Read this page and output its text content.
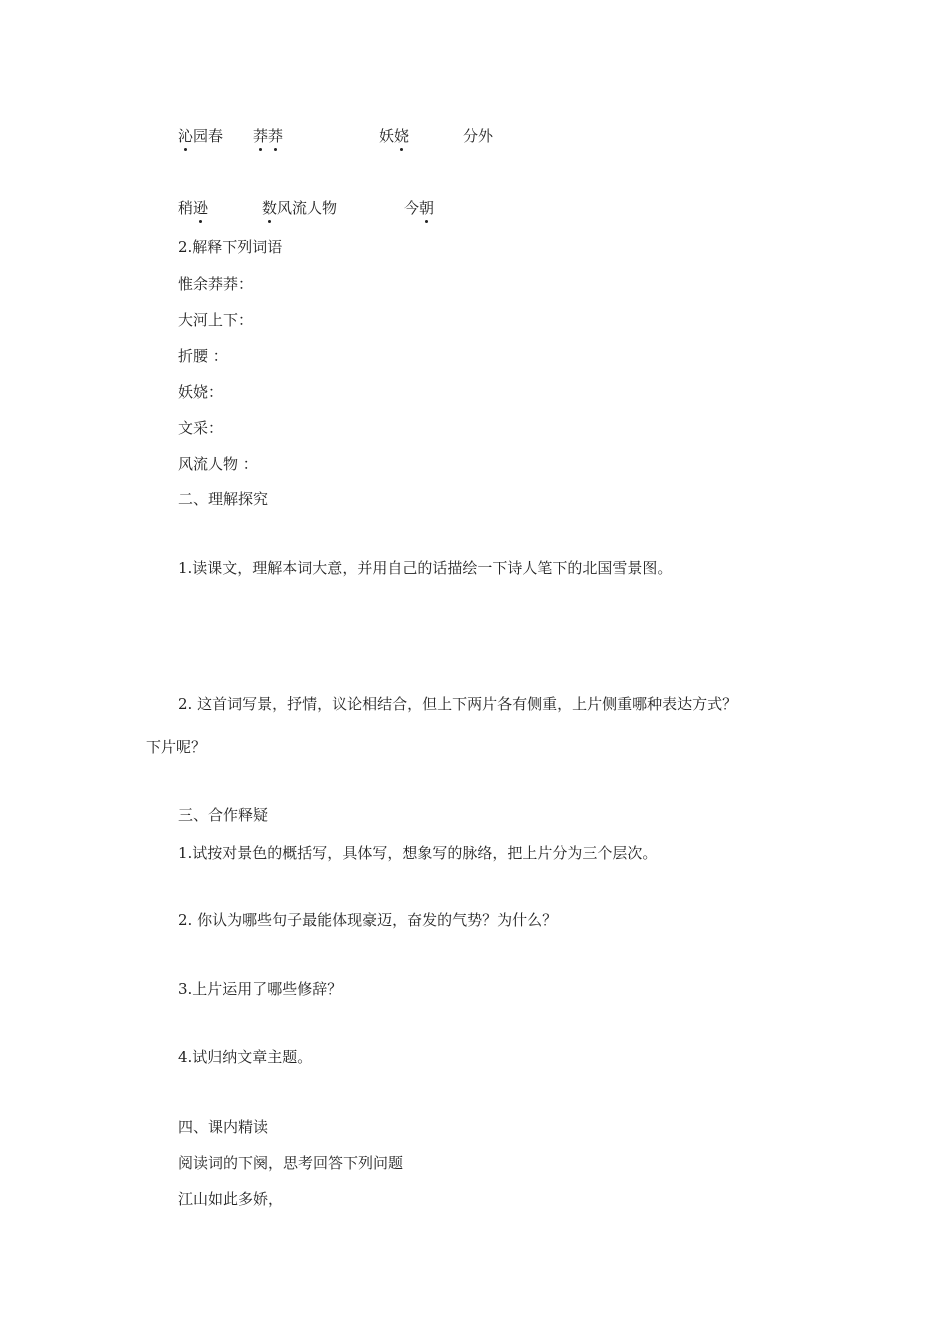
沁园春 莽莽	妖娆	分外
稍逊	数风流人物	今朝
2.解释下列词语
惟余莽莽：
大河上下：
折腰 ：
妖娆：
文采：
风流人物 ：
二、理解探究
1.读课文，理解本词大意，并用自己的话描绘一下诗人笔下的北国雪景图。
2. 这首词写景，抒情，议论相结合，但上下两片各有侧重，上片侧重哪种表达方式？
下片呢？
三、合作释疑
1.试按对景色的概括写，具体写，想象写的脉络，把上片分为三个层次。
2. 你认为哪些句子最能体现豪迈，奋发的气势？为什么？
3.上片运用了哪些修辞？
4.试归纳文章主题。
四、课内精读
阅读词的下阕，思考回答下列问题
江山如此多娇，
